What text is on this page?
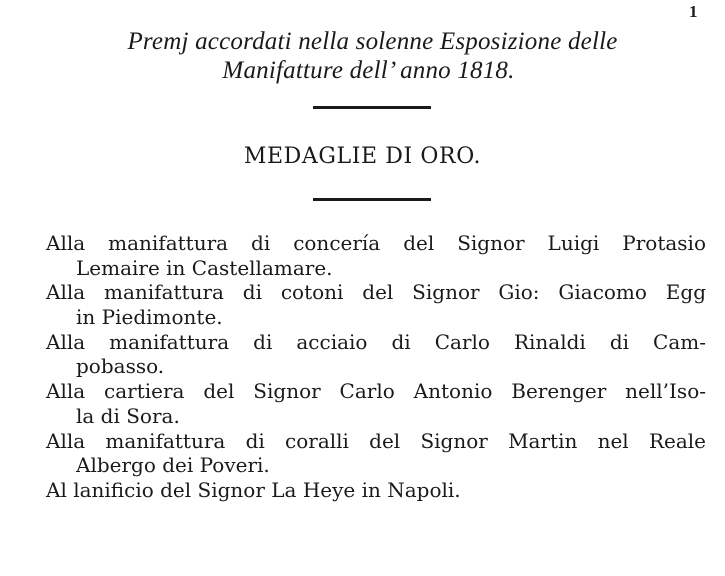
1
Premj accordati nella solenne Esposizione delle
Manifatture dell’ anno 1818.
MEDAGLIE DI ORO.
Alla manifattura di concería del Signor Luigi Protasio
Lemaire in Castellamare.
Alla manifattura di cotoni del Signor Gio: Giacomo Egg
in Piedimonte.
Alla manifattura di acciaio di Carlo Rinaldi di Cam-
pobasso.
Alla cartiera del Signor Carlo Antonio Berenger nell’Iso-
la di Sora.
Alla manifattura di coralli del Signor Martin nel Reale
Albergo dei Poveri.
Al lanificio del Signor La Heye in Napoli.
